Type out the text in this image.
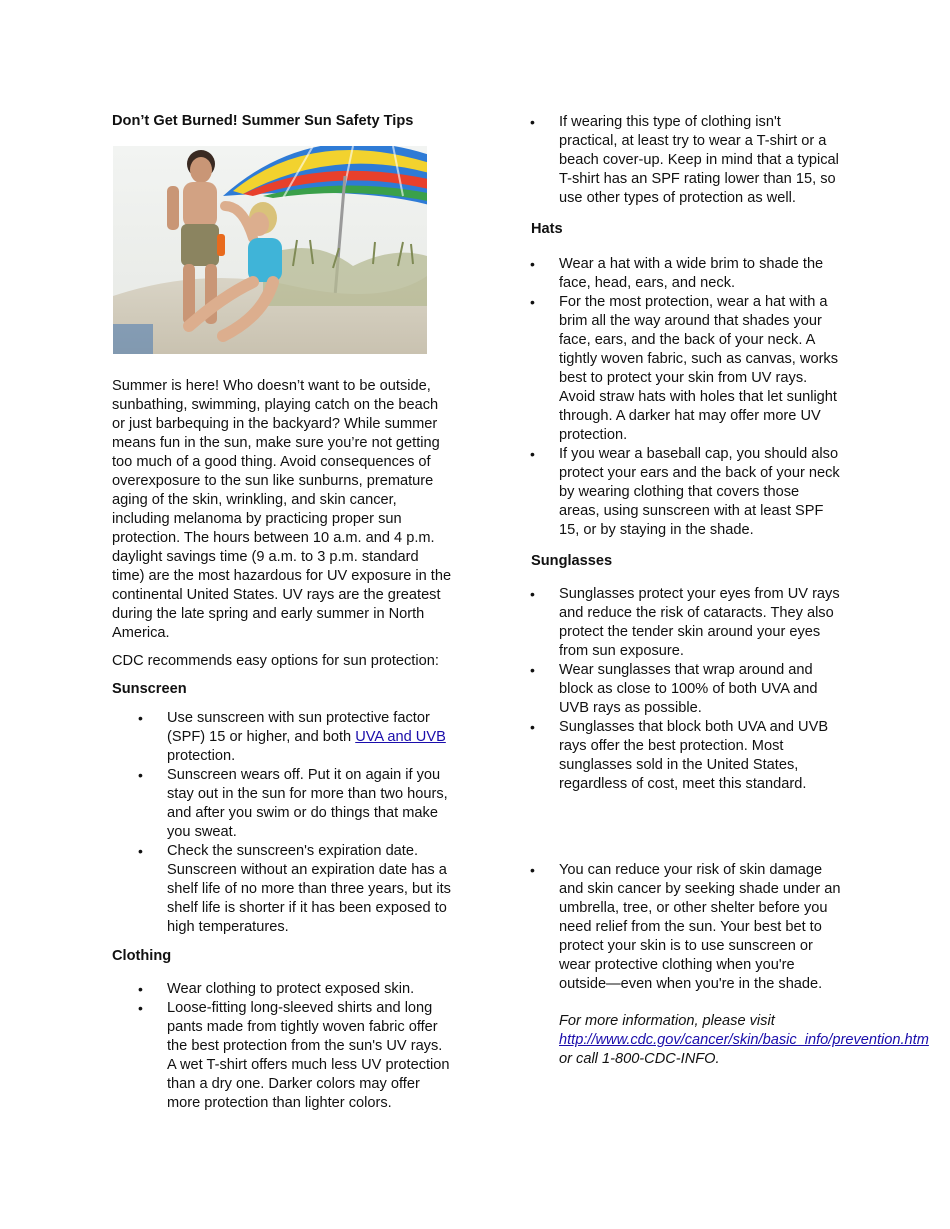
Don’t Get Burned! Summer Sun Safety Tips

Summer is here! Who doesn’t want to be outside, sunbathing, swimming, playing catch on the beach or just barbequing in the backyard? While summer means fun in the sun, make sure you’re not getting too much of a good thing. Avoid consequences of overexposure to the sun like sunburns, premature aging of the skin, wrinkling, and skin cancer, including melanoma by practicing proper sun protection. The hours between 10 a.m. and 4 p.m. daylight savings time (9 a.m. to 3 p.m. standard time) are the most hazardous for UV exposure in the continental United States. UV rays are the greatest during the late spring and early summer in North America.

CDC recommends easy options for sun protection:

Sunscreen
• Use sunscreen with sun protective factor (SPF) 15 or higher, and both UVA and UVB protection.
• Sunscreen wears off. Put it on again if you stay out in the sun for more than two hours, and after you swim or do things that make you sweat.
• Check the sunscreen's expiration date. Sunscreen without an expiration date has a shelf life of no more than three years, but its shelf life is shorter if it has been exposed to high temperatures.
Clothing
• Wear clothing to protect exposed skin.
• Loose-fitting long-sleeved shirts and long pants made from tightly woven fabric offer the best protection from the sun's UV rays. A wet T-shirt offers much less UV protection than a dry one. Darker colors may offer more protection than lighter colors.
• If wearing this type of clothing isn't practical, at least try to wear a T-shirt or a beach cover-up. Keep in mind that a typical T-shirt has an SPF rating lower than 15, so use other types of protection as well.
Hats
• Wear a hat with a wide brim to shade the face, head, ears, and neck.
• For the most protection, wear a hat with a brim all the way around that shades your face, ears, and the back of your neck. A tightly woven fabric, such as canvas, works best to protect your skin from UV rays. Avoid straw hats with holes that let sunlight through. A darker hat may offer more UV protection.
• If you wear a baseball cap, you should also protect your ears and the back of your neck by wearing clothing that covers those areas, using sunscreen with at least SPF 15, or by staying in the shade.
Sunglasses
• Sunglasses protect your eyes from UV rays and reduce the risk of cataracts. They also protect the tender skin around your eyes from sun exposure.
• Wear sunglasses that wrap around and block as close to 100% of both UVA and UVB rays as possible.
• Sunglasses that block both UVA and UVB rays offer the best protection. Most sunglasses sold in the United States, regardless of cost, meet this standard.
• You can reduce your risk of skin damage and skin cancer by seeking shade under an umbrella, tree, or other shelter before you need relief from the sun. Your best bet to protect your skin is to use sunscreen or wear protective clothing when you're outside—even when you're in the shade.

For more information, please visit http://www.cdc.gov/cancer/skin/basic_info/prevention.htm or call 1-800-CDC-INFO.
